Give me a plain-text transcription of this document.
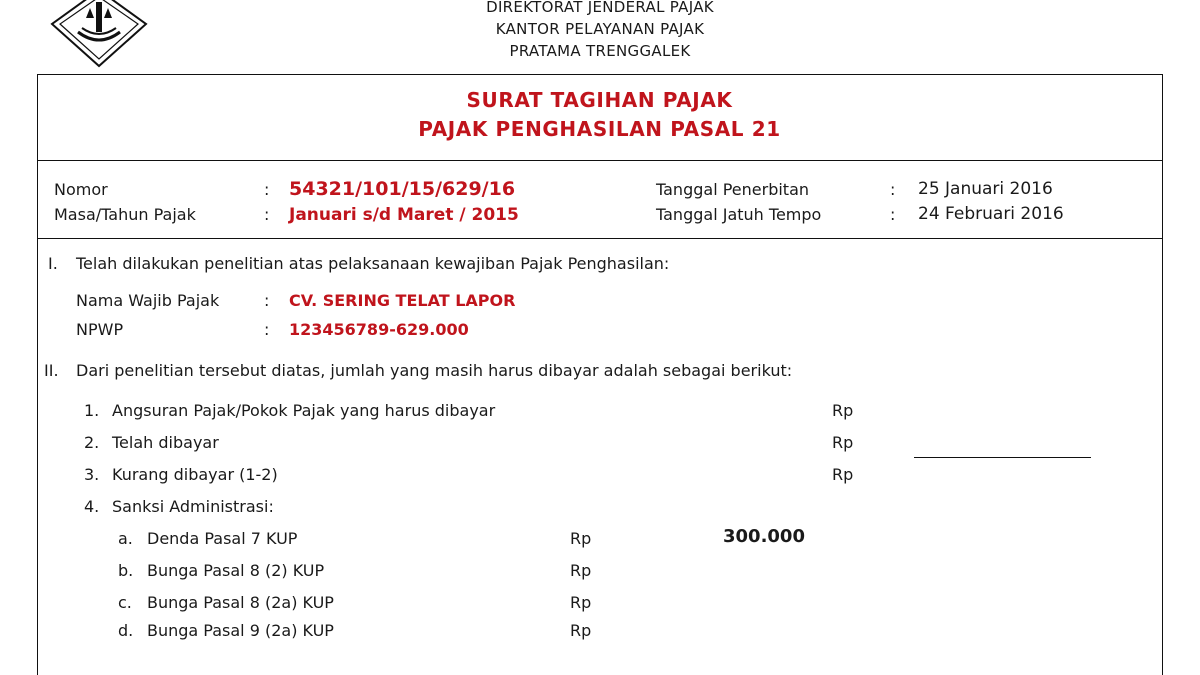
DIREKTORAT JENDERAL PAJAK
KANTOR PELAYANAN PAJAK
PRATAMA TRENGGALEK
SURAT TAGIHAN PAJAK
PAJAK PENGHASILAN PASAL 21
Nomor	: 54321/101/15/629/16
Masa/Tahun Pajak	: Januari s/d Maret / 2015
Tanggal Penerbitan	: 25 Januari 2016
Tanggal Jatuh Tempo	: 24 Februari 2016
I. Telah dilakukan penelitian atas pelaksanaan kewajiban Pajak Penghasilan:
Nama Wajib Pajak	: CV. SERING TELAT LAPOR
NPWP	: 123456789-629.000
II. Dari penelitian tersebut diatas, jumlah yang masih harus dibayar adalah sebagai berikut:
1. Angsuran Pajak/Pokok Pajak yang harus dibayar	Rp
2. Telah dibayar	Rp
3. Kurang dibayar (1-2)	Rp
4. Sanksi Administrasi:
a. Denda Pasal 7 KUP	Rp	300.000
b. Bunga Pasal 8 (2) KUP	Rp
c. Bunga Pasal 8 (2a) KUP	Rp
d. Bunga Pasal 9 (2a) KUP	Rp
